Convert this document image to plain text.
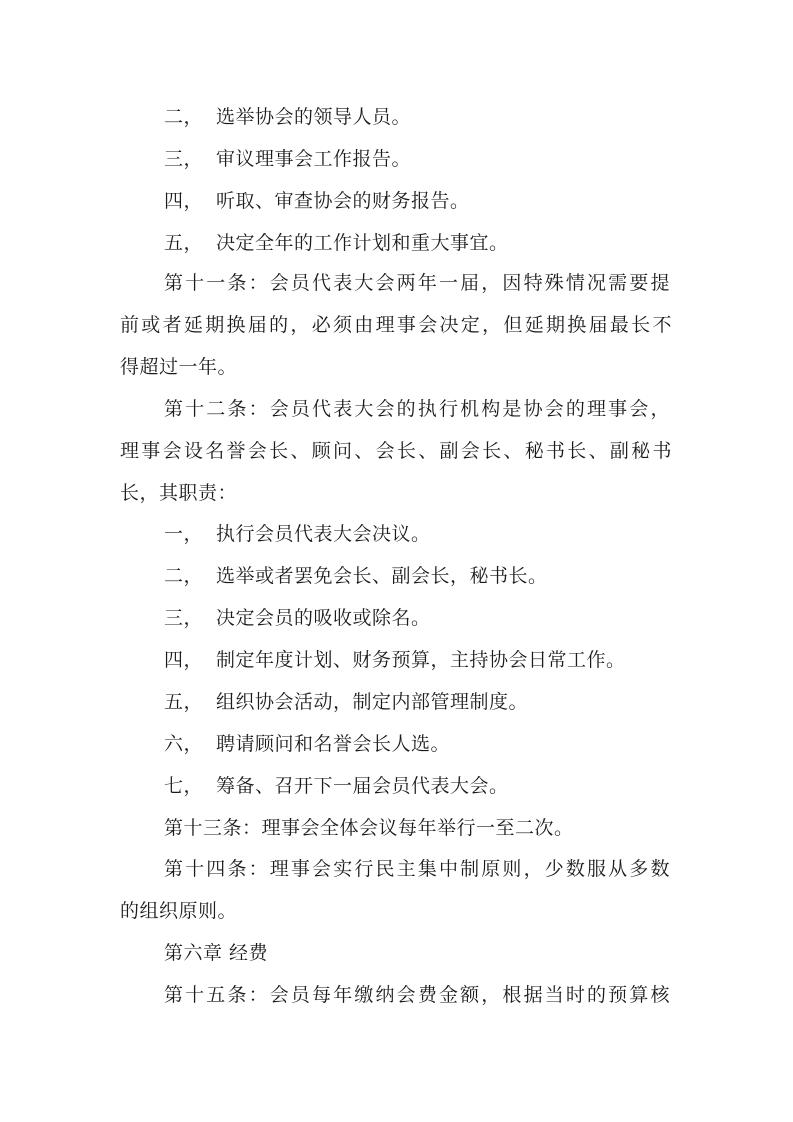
二， 选举协会的领导人员。
三， 审议理事会工作报告。
四， 听取、审查协会的财务报告。
五， 决定全年的工作计划和重大事宜。
第十一条：会员代表大会两年一届，因特殊情况需要提
前或者延期换届的，必须由理事会决定，但延期换届最长不
得超过一年。
第十二条：会员代表大会的执行机构是协会的理事会，
理事会设名誉会长、顾问、会长、副会长、秘书长、副秘书
长，其职责：
一， 执行会员代表大会决议。
二， 选举或者罢免会长、副会长，秘书长。
三， 决定会员的吸收或除名。
四， 制定年度计划、财务预算，主持协会日常工作。
五， 组织协会活动，制定内部管理制度。
六， 聘请顾问和名誉会长人选。
七， 筹备、召开下一届会员代表大会。
第十三条：理事会全体会议每年举行一至二次。
第十四条：理事会实行民主集中制原则，少数服从多数
的组织原则。
第六章 经费
第十五条：会员每年缴纳会费金额，根据当时的预算核
